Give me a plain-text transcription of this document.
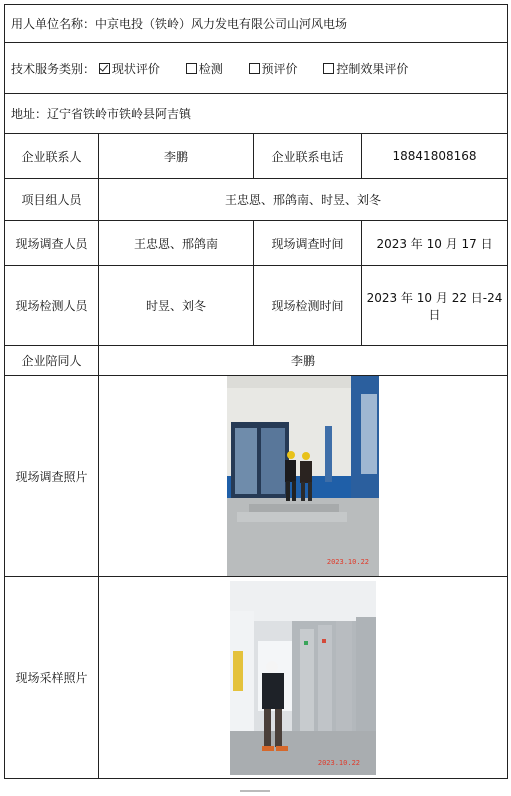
用人单位名称：中京电投（铁岭）风力发电有限公司山河风电场			
技术服务类别： 现状评价 检测 预评价 控制效果评价			
地址：辽宁省铁岭市铁岭县阿吉镇			
企业联系人	李鹏	企业联系电话	18841808168
项目组人员	王忠恩、邢鸽南、时昱、刘冬		
现场调查人员	王忠恩、邢鸽南	现场调查时间	2023 年 10 月 17 日
现场检测人员	时昱、刘冬	现场检测时间	2023 年 10 月 22 日-24 日
企业陪同人	李鹏		
现场调查照片	2023.10.22		

现场采样照片	2023.10.22		
